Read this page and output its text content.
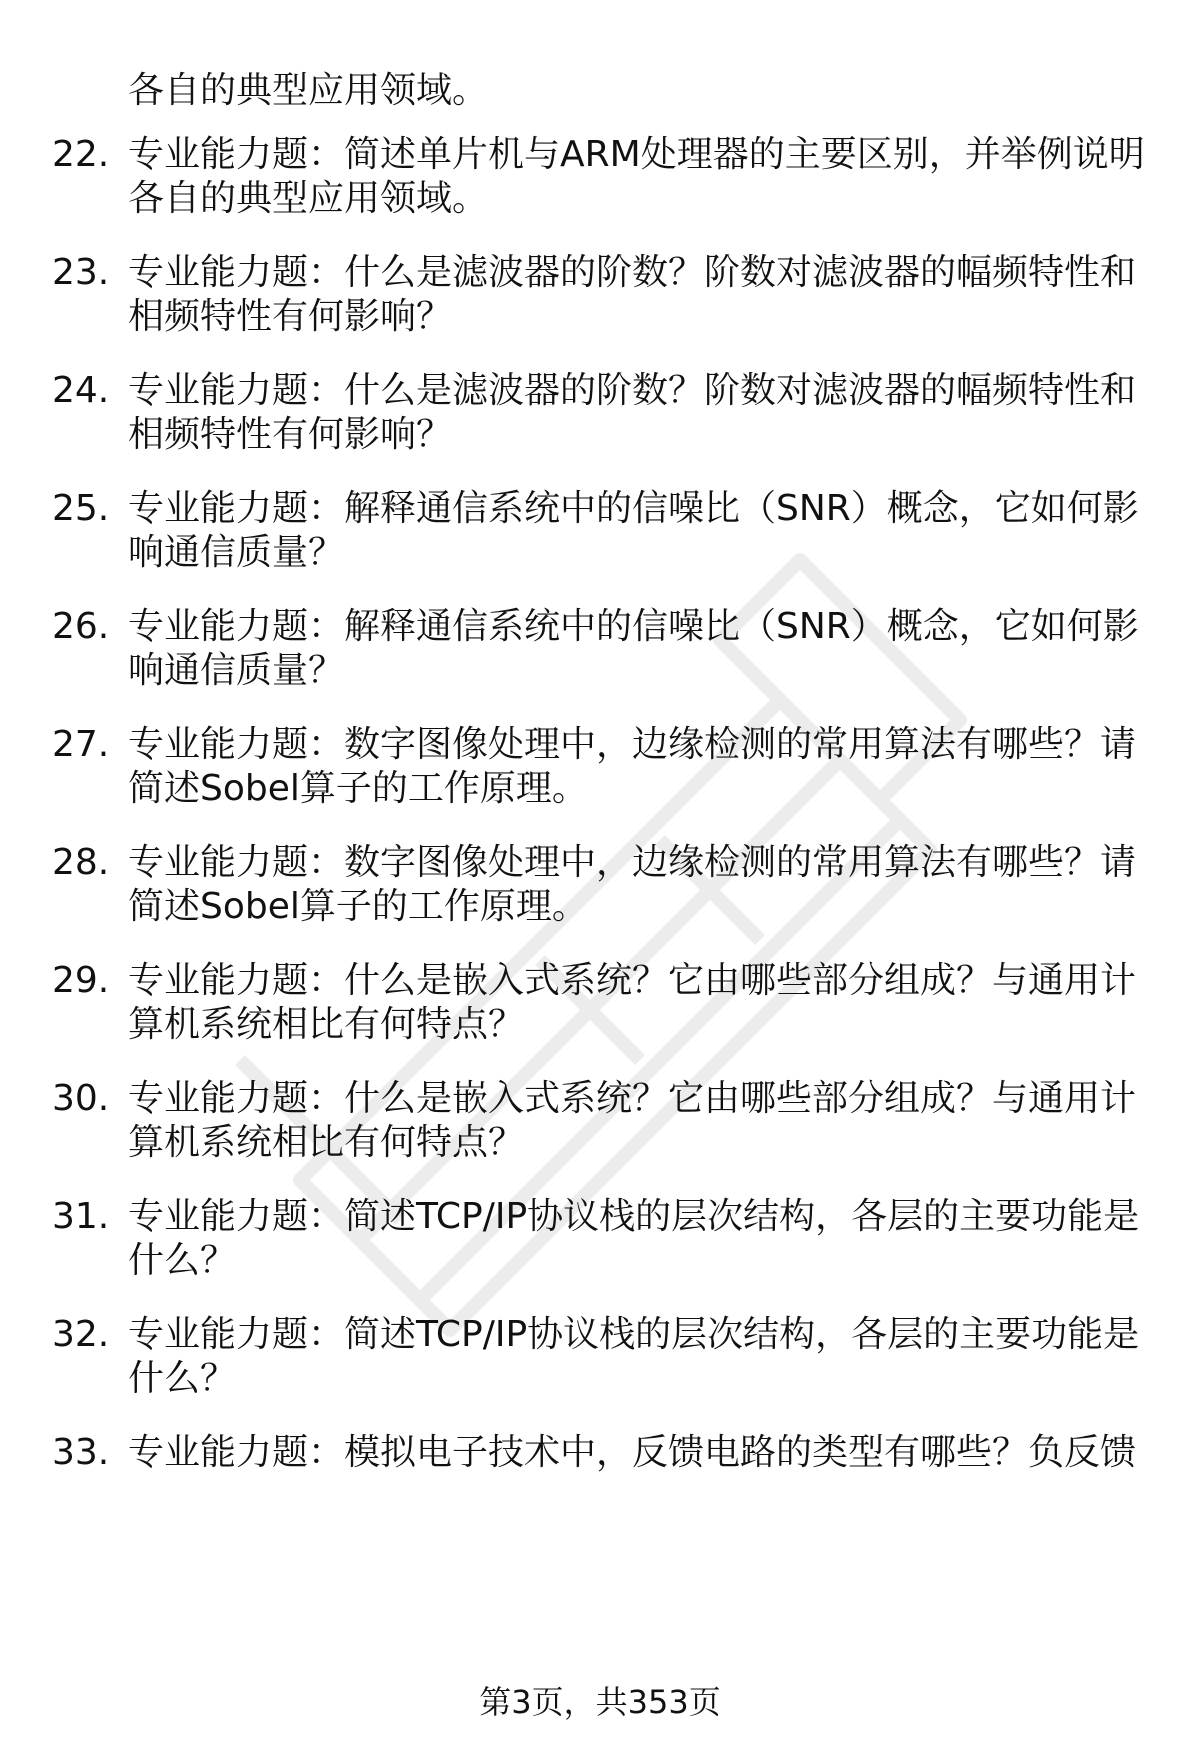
各自的典型应用领域。
22. 专业能力题：简述单片机与ARM处理器的主要区别，并举例说明
各自的典型应用领域。
23. 专业能力题：什么是滤波器的阶数？阶数对滤波器的幅频特性和
相频特性有何影响？
24. 专业能力题：什么是滤波器的阶数？阶数对滤波器的幅频特性和
相频特性有何影响？
25. 专业能力题：解释通信系统中的信噪比（SNR）概念，它如何影
响通信质量？
26. 专业能力题：解释通信系统中的信噪比（SNR）概念，它如何影
响通信质量？
27. 专业能力题：数字图像处理中，边缘检测的常用算法有哪些？请
简述Sobel算子的工作原理。
28. 专业能力题：数字图像处理中，边缘检测的常用算法有哪些？请
简述Sobel算子的工作原理。
29. 专业能力题：什么是嵌入式系统？它由哪些部分组成？与通用计
算机系统相比有何特点？
30. 专业能力题：什么是嵌入式系统？它由哪些部分组成？与通用计
算机系统相比有何特点？
31. 专业能力题：简述TCP/IP协议栈的层次结构，各层的主要功能是
什么？
32. 专业能力题：简述TCP/IP协议栈的层次结构，各层的主要功能是
什么？
33. 专业能力题：模拟电子技术中，反馈电路的类型有哪些？负反馈
第3页，共353页
